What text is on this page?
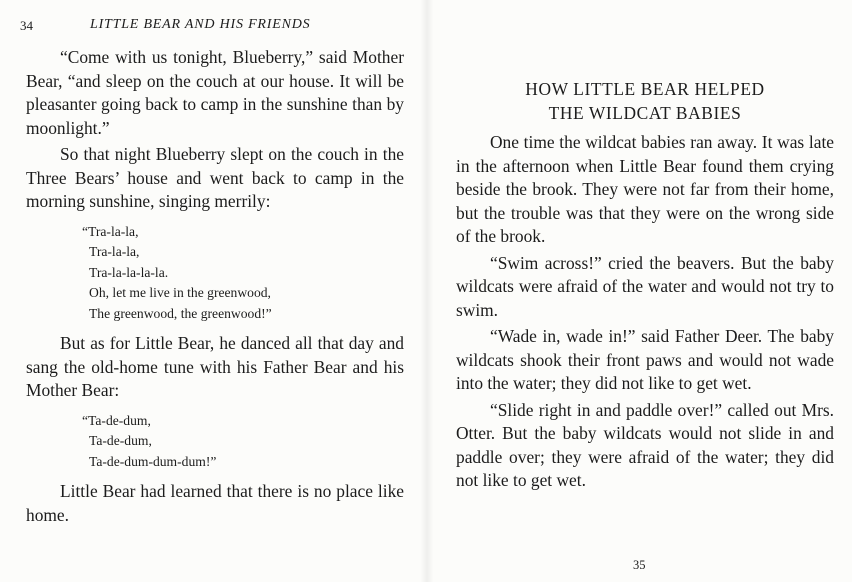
34	LITTLE BEAR AND HIS FRIENDS

“Come with us tonight, Blueberry,” said Mother Bear, “and sleep on the couch at our house. It will be pleasanter going back to camp in the sunshine than by moonlight.”

So that night Blueberry slept on the couch in the Three Bears’ house and went back to camp in the morning sunshine, singing merrily:

“Tra-la-la,
Tra-la-la,
Tra-la-la-la-la.
Oh, let me live in the greenwood,
The greenwood, the greenwood!”

But as for Little Bear, he danced all that day and sang the old-home tune with his Father Bear and his Mother Bear:

“Ta-de-dum,
Ta-de-dum,
Ta-de-dum-dum-dum!”

Little Bear had learned that there is no place like home.

HOW LITTLE BEAR HELPED
THE WILDCAT BABIES

One time the wildcat babies ran away. It was late in the afternoon when Little Bear found them crying beside the brook. They were not far from their home, but the trouble was that they were on the wrong side of the brook.

“Swim across!” cried the beavers. But the baby wildcats were afraid of the water and would not try to swim.

“Wade in, wade in!” said Father Deer. The baby wildcats shook their front paws and would not wade into the water; they did not like to get wet.

“Slide right in and paddle over!” called out Mrs. Otter. But the baby wildcats would not slide in and paddle over; they were afraid of the water; they did not like to get wet.

35
